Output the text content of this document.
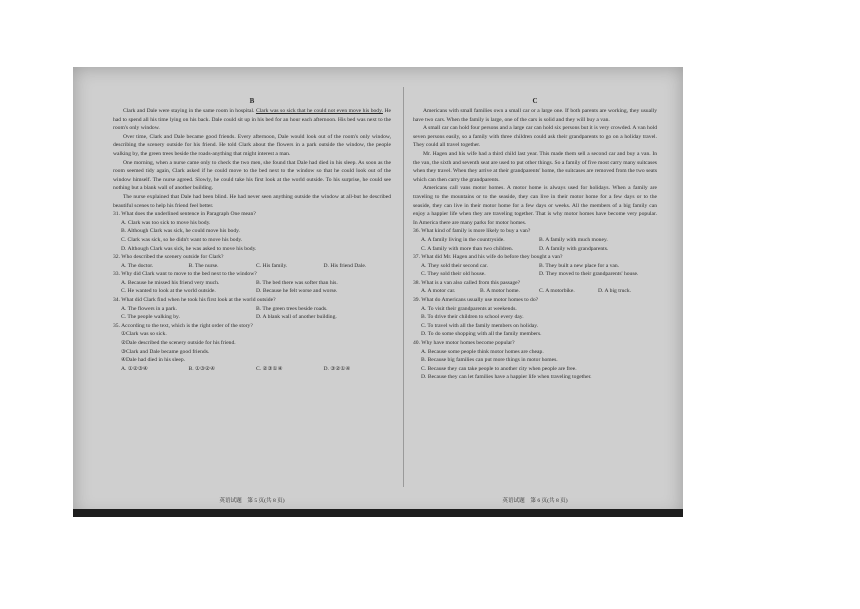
B

Clark and Dale were staying in the same room in hospital. Clark was so sick that he could not even move his body. He had to spend all his time lying on his back. Dale could sit up in his bed for an hour each afternoon. His bed was next to the room's only window.

Over time, Clark and Dale became good friends. Every afternoon, Dale would look out of the room's only window, describing the scenery outside for his friend. He told Clark about the flowers in a park outside the window, the people walking by, the green trees beside the roads-anything that might interest a man.

One morning, when a nurse came only to check the two men, she found that Dale had died in his sleep. As soon as the room seemed tidy again, Clark asked if he could move to the bed next to the window so that he could look out of the window himself. The nurse agreed. Slowly, he could take his first look at the world outside. To his surprise, he could see nothing but a blank wall of another building.

The nurse explained that Dale had been blind. He had never seen anything outside the window at all-but he described beautiful scenes to help his friend feel better.

31. What does the underlined sentence in Paragraph One mean?

A. Clark was too sick to move his body.

B. Although Clark was sick, he could move his body.

C. Clark was sick, so he didn't want to move his body.

D. Although Clark was sick, he was asked to move his body.

32. Who described the scenery outside for Clark?

A. The doctor.	B. The nurse.	C. His family.	D. His friend Dale.

33. Why did Clark want to move to the bed next to the window?

A. Because he missed his friend very much.	B. The bed there was softer than his.
C. He wanted to look at the world outside.	D. Because he felt worse and worse.

34. What did Clark find when he took his first look at the world outside?

A. The flowers in a park.	B. The green trees beside roads.
C. The people walking by.	D. A blank wall of another building.

35. According to the text, which is the right order of the story?

①Clark was so sick.

②Dale described the scenery outside for his friend.

③Clark and Dale became good friends.

④Dale had died in his sleep.

A. ①②③④	B. ①③②④	C. ②③①④	D. ③②①④
英语试题　第 5 页(共 8 页)
C

Americans with small families own a small car or a large one. If both parents are working, they usually have two cars. When the family is large, one of the cars is solid and they will buy a van.

A small car can hold four persons and a large car can hold six persons but it is very crowded. A van hold seven persons easily, so a family with three children could ask their grandparents to go on a holiday travel. They could all travel together.

Mr. Hagen and his wife had a third child last year. This made them sell a second car and buy a van. In the van, the sixth and seventh seat are used to put other things. So a family of five most carry many suitcases when they travel. When they arrive at their grandparents' home, the suitcases are removed from the two seats which can then carry the grandparents.

Americans call vans motor homes. A motor home is always used for holidays. When a family are traveling to the mountains or to the seaside, they can live in their motor home for a few days or to the seaside, they can live in their motor home for a few days or weeks. All the members of a big family can enjoy a happier life when they are traveling together. That is why motor homes have become very popular. In America there are many parks for motor homes.

36. What kind of family is more likely to buy a van?

A. A family living in the countryside.	B. A family with much money.
C. A family with more than two children.	D. A family with grandparents.

37. What did Mr. Hagen and his wife do before they bought a van?

A. They sold their second car.	B. They built a new place for a van.
C. They sold their old house.	D. They moved to their grandparents' house.

38. What is a van also called from this passage?

A. A motor car.	B. A motor home.	C. A motorbike.	D. A big truck.

39. What do Americans usually use motor homes to do?

A. To visit their grandparents at weekends.

B. To drive their children to school every day.

C. To travel with all the family members on holiday.

D. To do some shopping with all the family members.

40. Why have motor homes become popular?

A. Because some people think motor homes are cheap.

B. Because big families can put more things in motor homes.

C. Because they can take people to another city when people are free.

D. Because they can let families have a happier life when traveling together.

英语试题　第 6 页(共 8 页)
